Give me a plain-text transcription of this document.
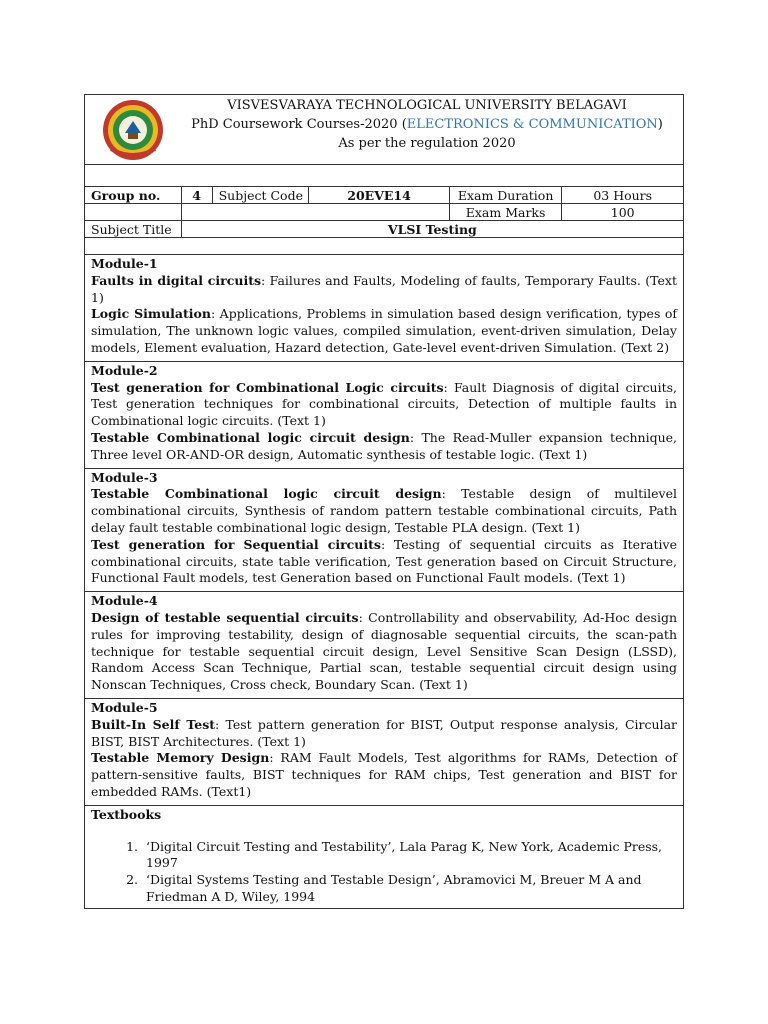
VISVESVARAYA TECHNOLOGICAL UNIVERSITY BELAGAVI
PhD Coursework Courses-2020 (ELECTRONICS & COMMUNICATION)
As per the regulation 2020
Group no.	4	Subject Code	20EVE14	Exam Duration	03 Hours
Exam Marks	100
Subject Title	VLSI Testing

Module-1

Faults in digital circuits: Failures and Faults, Modeling of faults, Temporary Faults. (Text 1)

Logic Simulation: Applications, Problems in simulation based design verification, types of simulation, The unknown logic values, compiled simulation, event-driven simulation, Delay models, Element evaluation, Hazard detection, Gate-level event-driven Simulation. (Text 2)

Module-2

Test generation for Combinational Logic circuits: Fault Diagnosis of digital circuits, Test generation techniques for combinational circuits, Detection of multiple faults in Combinational logic circuits. (Text 1)

Testable Combinational logic circuit design: The Read-Muller expansion technique, Three level OR-AND-OR design, Automatic synthesis of testable logic. (Text 1)

Module-3

Testable Combinational logic circuit design: Testable design of multilevel combinational circuits, Synthesis of random pattern testable combinational circuits, Path delay fault testable combinational logic design, Testable PLA design. (Text 1)

Test generation for Sequential circuits: Testing of sequential circuits as Iterative combinational circuits, state table verification, Test generation based on Circuit Structure, Functional Fault models, test Generation based on Functional Fault models. (Text 1)

Module-4

Design of testable sequential circuits: Controllability and observability, Ad-Hoc design rules for improving testability, design of diagnosable sequential circuits, the scan-path technique for testable sequential circuit design, Level Sensitive Scan Design (LSSD), Random Access Scan Technique, Partial scan, testable sequential circuit design using Nonscan Techniques, Cross check, Boundary Scan. (Text 1)

Module-5

Built-In Self Test: Test pattern generation for BIST, Output response analysis, Circular BIST, BIST Architectures. (Text 1)

Testable Memory Design: RAM Fault Models, Test algorithms for RAMs, Detection of pattern-sensitive faults, BIST techniques for RAM chips, Test generation and BIST for embedded RAMs. (Text1)

Textbooks
1. ‘Digital Circuit Testing and Testability’, Lala Parag K, New York, Academic Press, 1997
2. ‘Digital Systems Testing and Testable Design’, Abramovici M, Breuer M A and Friedman A D, Wiley, 1994
